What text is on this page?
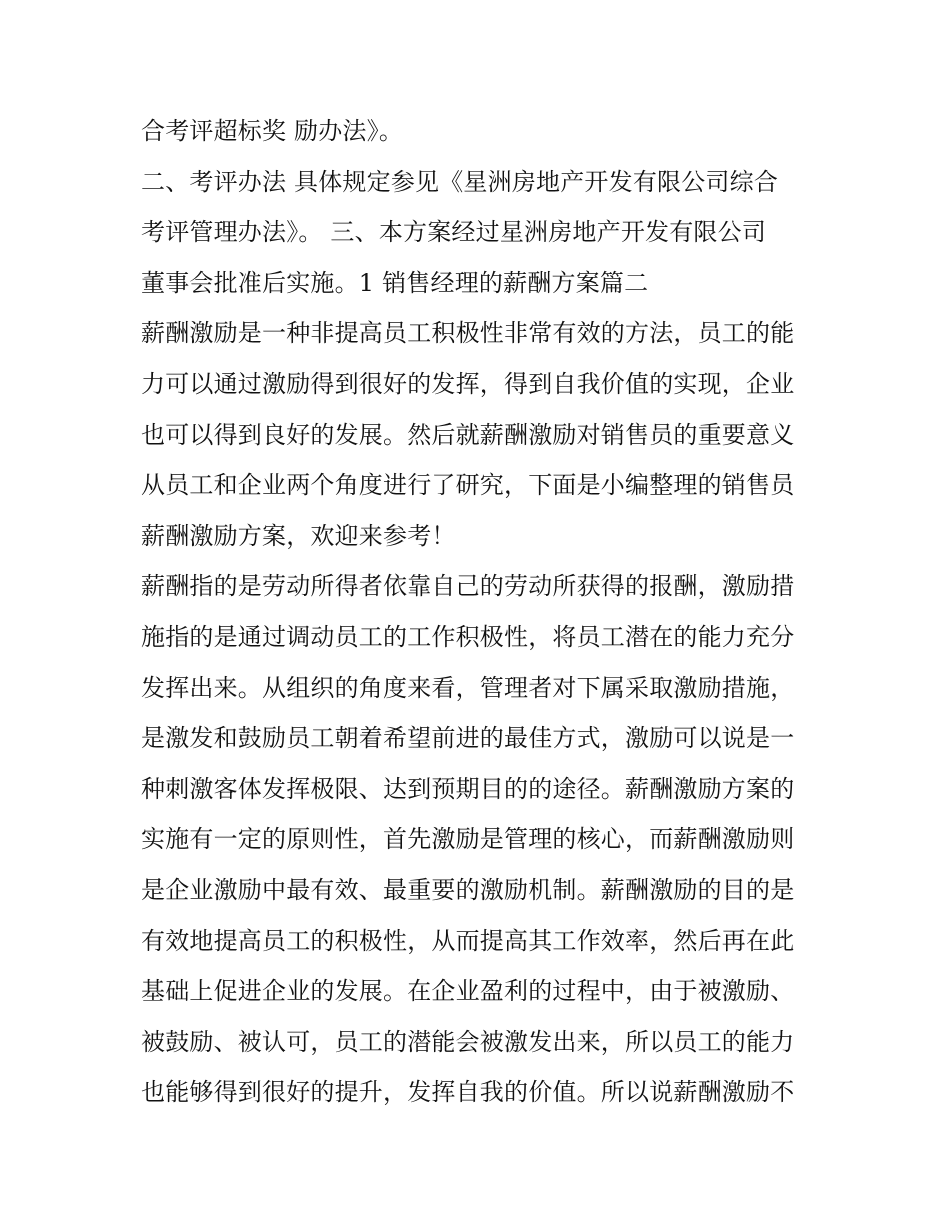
合考评超标奖 励办法》。
二、考评办法 具体规定参见《星洲房地产开发有限公司综合
考评管理办法》。 三、本方案经过星洲房地产开发有限公司
董事会批准后实施。1 销售经理的薪酬方案篇二
薪酬激励是一种非提高员工积极性非常有效的方法，员工的能
力可以通过激励得到很好的发挥，得到自我价值的实现，企业
也可以得到良好的发展。然后就薪酬激励对销售员的重要意义
从员工和企业两个角度进行了研究，下面是小编整理的销售员
薪酬激励方案，欢迎来参考！
薪酬指的是劳动所得者依靠自己的劳动所获得的报酬，激励措
施指的是通过调动员工的工作积极性，将员工潜在的能力充分
发挥出来。从组织的角度来看，管理者对下属采取激励措施，
是激发和鼓励员工朝着希望前进的最佳方式，激励可以说是一
种刺激客体发挥极限、达到预期目的的途径。薪酬激励方案的
实施有一定的原则性，首先激励是管理的核心，而薪酬激励则
是企业激励中最有效、最重要的激励机制。薪酬激励的目的是
有效地提高员工的积极性，从而提高其工作效率，然后再在此
基础上促进企业的发展。在企业盈利的过程中，由于被激励、
被鼓励、被认可，员工的潜能会被激发出来，所以员工的能力
也能够得到很好的提升，发挥自我的价值。所以说薪酬激励不
